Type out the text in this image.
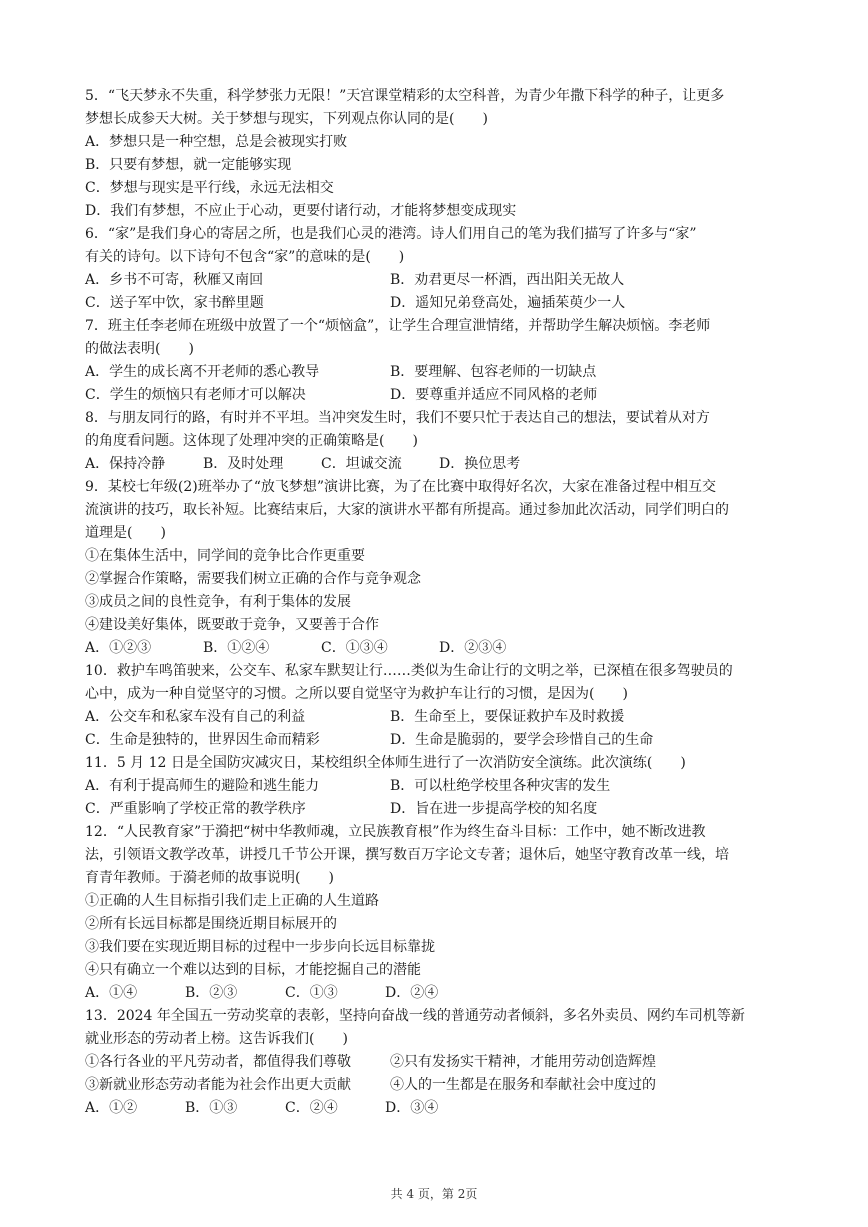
5．“飞天梦永不失重，科学梦张力无限！”天宫课堂精彩的太空科普，为青少年撒下科学的种子，让更多
梦想长成参天大树。关于梦想与现实，下列观点你认同的是(　　)
A．梦想只是一种空想，总是会被现实打败
B．只要有梦想，就一定能够实现
C．梦想与现实是平行线，永远无法相交
D．我们有梦想，不应止于心动，更要付诸行动，才能将梦想变成现实
6．“家”是我们身心的寄居之所，也是我们心灵的港湾。诗人们用自己的笔为我们描写了许多与“家”
有关的诗句。以下诗句不包含“家”的意味的是(　　)
A．乡书不可寄，秋雁又南回	B．劝君更尽一杯酒，西出阳关无故人
C．送子军中饮，家书醉里题	D．遥知兄弟登高处，遍插茱萸少一人
7．班主任李老师在班级中放置了一个“烦恼盒”，让学生合理宣泄情绪，并帮助学生解决烦恼。李老师
的做法表明(　　)
A．学生的成长离不开老师的悉心教导	B．要理解、包容老师的一切缺点
C．学生的烦恼只有老师才可以解决	D．要尊重并适应不同风格的老师
8．与朋友同行的路，有时并不平坦。当冲突发生时，我们不要只忙于表达自己的想法，要试着从对方
的角度看问题。这体现了处理冲突的正确策略是(　　)
A．保持冷静	B．及时处理	C．坦诚交流	D．换位思考
9．某校七年级(2)班举办了“放飞梦想”演讲比赛，为了在比赛中取得好名次，大家在准备过程中相互交
流演讲的技巧，取长补短。比赛结束后，大家的演讲水平都有所提高。通过参加此次活动，同学们明白的
道理是(　　)
①在集体生活中，同学间的竞争比合作更重要
②掌握合作策略，需要我们树立正确的合作与竞争观念
③成员之间的良性竞争，有利于集体的发展
④建设美好集体，既要敢于竞争，又要善于合作
A．①②③	B．①②④	C．①③④	D．②③④
10．救护车鸣笛驶来，公交车、私家车默契让行……类似为生命让行的文明之举，已深植在很多驾驶员的
心中，成为一种自觉坚守的习惯。之所以要自觉坚守为救护车让行的习惯，是因为(　　)
A．公交车和私家车没有自己的利益	B．生命至上，要保证救护车及时救援
C．生命是独特的，世界因生命而精彩	D．生命是脆弱的，要学会珍惜自己的生命
11．5 月 12 日是全国防灾减灾日，某校组织全体师生进行了一次消防安全演练。此次演练(　　)
A．有利于提高师生的避险和逃生能力	B．可以杜绝学校里各种灾害的发生
C．严重影响了学校正常的教学秩序	D．旨在进一步提高学校的知名度
12．“人民教育家”于漪把“树中华教师魂，立民族教育根”作为终生奋斗目标：工作中，她不断改进教
法，引领语文教学改革，讲授几千节公开课，撰写数百万字论文专著；退休后，她坚守教育改革一线，培
育青年教师。于漪老师的故事说明(　　)
①正确的人生目标指引我们走上正确的人生道路
②所有长远目标都是围绕近期目标展开的
③我们要在实现近期目标的过程中一步步向长远目标靠拢
④只有确立一个难以达到的目标，才能挖掘自己的潜能
A．①④	B．②③	C．①③	D．②④
13．2024 年全国五一劳动奖章的表彰，坚持向奋战一线的普通劳动者倾斜，多名外卖员、网约车司机等新
就业形态的劳动者上榜。这告诉我们(　　)
①各行各业的平凡劳动者，都值得我们尊敬	②只有发扬实干精神，才能用劳动创造辉煌
③新就业形态劳动者能为社会作出更大贡献	④人的一生都是在服务和奉献社会中度过的
A．①②	B．①③	C．②④	D．③④
共 4 页，第 2页
